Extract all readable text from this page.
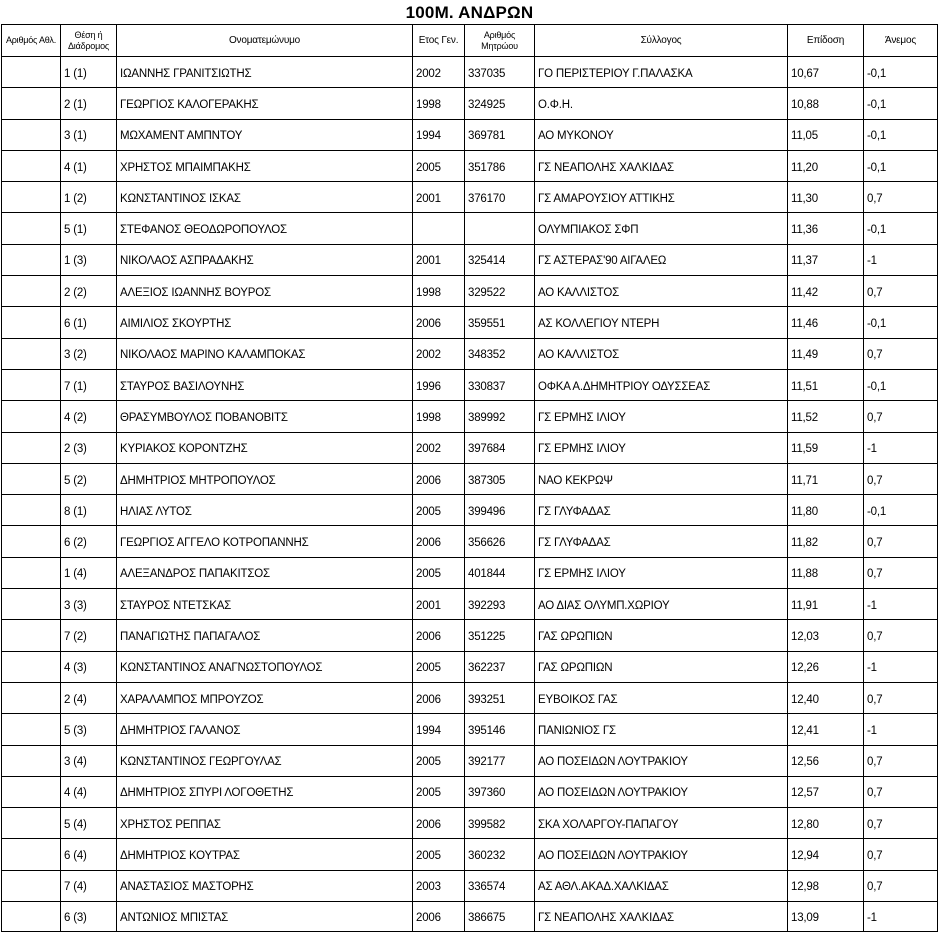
100Μ. ΑΝΔΡΩΝ
Αριθμός Αθλ.	Θέση ή Διάδρομος	Ονοματεμώνυμο	Ετος Γεν.	Αριθμός Μητρώου	Σύλλογος	Επίδοση	Άνεμος
	1 (1)	ΙΩΑΝΝΗΣ ΓΡΑΝΙΤΣΙΩΤΗΣ	2002	337035	ΓΟ ΠΕΡΙΣΤΕΡΙΟΥ Γ.ΠΑΛΑΣΚΑ	10,67	-0,1
	2 (1)	ΓΕΩΡΓΙΟΣ ΚΑΛΟΓΕΡΑΚΗΣ	1998	324925	Ο.Φ.Η.	10,88	-0,1
	3 (1)	ΜΩΧΑΜΕΝΤ ΑΜΠΝΤΟΥ	1994	369781	ΑΟ ΜΥΚΟΝΟΥ	11,05	-0,1
	4 (1)	ΧΡΗΣΤΟΣ ΜΠΑΙΜΠΑΚΗΣ	2005	351786	ΓΣ ΝΕΑΠΟΛΗΣ ΧΑΛΚΙΔΑΣ	11,20	-0,1
	1 (2)	ΚΩΝΣΤΑΝΤΙΝΟΣ ΙΣΚΑΣ	2001	376170	ΓΣ ΑΜΑΡΟΥΣΙΟΥ ΑΤΤΙΚΗΣ	11,30	0,7
	5 (1)	ΣΤΕΦΑΝΟΣ ΘΕΟΔΩΡΟΠΟΥΛΟΣ			ΟΛΥΜΠΙΑΚΟΣ ΣΦΠ	11,36	-0,1
	1 (3)	ΝΙΚΟΛΑΟΣ ΑΣΠΡΑΔΑΚΗΣ	2001	325414	ΓΣ ΑΣΤΕΡΑΣ'90 ΑΙΓΑΛΕΩ	11,37	-1
	2 (2)	ΑΛΕΞΙΟΣ ΙΩΑΝΝΗΣ ΒΟΥΡΟΣ	1998	329522	ΑΟ ΚΑΛΛΙΣΤΟΣ	11,42	0,7
	6 (1)	ΑΙΜΙΛΙΟΣ ΣΚΟΥΡΤΗΣ	2006	359551	ΑΣ ΚΟΛΛΕΓΙΟΥ ΝΤΕΡΗ	11,46	-0,1
	3 (2)	ΝΙΚΟΛΑΟΣ ΜΑΡΙΝΟ ΚΑΛΑΜΠΟΚΑΣ	2002	348352	ΑΟ ΚΑΛΛΙΣΤΟΣ	11,49	0,7
	7 (1)	ΣΤΑΥΡΟΣ ΒΑΣΙΛΟΥΝΗΣ	1996	330837	ΟΦΚΑ Α.ΔΗΜΗΤΡΙΟΥ ΟΔΥΣΣΕΑΣ	11,51	-0,1
	4 (2)	ΘΡΑΣΥΜΒΟΥΛΟΣ ΠΟΒΑΝΟΒΙΤΣ	1998	389992	ΓΣ ΕΡΜΗΣ ΙΛΙΟΥ	11,52	0,7
	2 (3)	ΚΥΡΙΑΚΟΣ ΚΟΡΟΝΤΖΗΣ	2002	397684	ΓΣ ΕΡΜΗΣ ΙΛΙΟΥ	11,59	-1
	5 (2)	ΔΗΜΗΤΡΙΟΣ ΜΗΤΡΟΠΟΥΛΟΣ	2006	387305	ΝΑΟ ΚΕΚΡΩΨ	11,71	0,7
	8 (1)	ΗΛΙΑΣ ΛΥΤΟΣ	2005	399496	ΓΣ ΓΛΥΦΑΔΑΣ	11,80	-0,1
	6 (2)	ΓΕΩΡΓΙΟΣ ΑΓΓΕΛΟ ΚΟΤΡΟΠΑΝΝΗΣ	2006	356626	ΓΣ ΓΛΥΦΑΔΑΣ	11,82	0,7
	1 (4)	ΑΛΕΞΑΝΔΡΟΣ ΠΑΠΑΚΙΤΣΟΣ	2005	401844	ΓΣ ΕΡΜΗΣ ΙΛΙΟΥ	11,88	0,7
	3 (3)	ΣΤΑΥΡΟΣ ΝΤΕΤΣΚΑΣ	2001	392293	ΑΟ ΔΙΑΣ ΟΛΥΜΠ.ΧΩΡΙΟΥ	11,91	-1
	7 (2)	ΠΑΝΑΓΙΩΤΗΣ ΠΑΠΑΓΑΛΟΣ	2006	351225	ΓΑΣ ΩΡΩΠΙΩΝ	12,03	0,7
	4 (3)	ΚΩΝΣΤΑΝΤΙΝΟΣ ΑΝΑΓΝΩΣΤΟΠΟΥΛΟΣ	2005	362237	ΓΑΣ ΩΡΩΠΙΩΝ	12,26	-1
	2 (4)	ΧΑΡΑΛΑΜΠΟΣ ΜΠΡΟΥΖΟΣ	2006	393251	ΕΥΒΟΙΚΟΣ ΓΑΣ	12,40	0,7
	5 (3)	ΔΗΜΗΤΡΙΟΣ ΓΑΛΑΝΟΣ	1994	395146	ΠΑΝΙΩΝΙΟΣ ΓΣ	12,41	-1
	3 (4)	ΚΩΝΣΤΑΝΤΙΝΟΣ ΓΕΩΡΓΟΥΛΑΣ	2005	392177	ΑΟ ΠΟΣΕΙΔΩΝ ΛΟΥΤΡΑΚΙΟΥ	12,56	0,7
	4 (4)	ΔΗΜΗΤΡΙΟΣ ΣΠΥΡΙ ΛΟΓΟΘΕΤΗΣ	2005	397360	ΑΟ ΠΟΣΕΙΔΩΝ ΛΟΥΤΡΑΚΙΟΥ	12,57	0,7
	5 (4)	ΧΡΗΣΤΟΣ ΡΕΠΠΑΣ	2006	399582	ΣΚΑ ΧΟΛΑΡΓΟΥ-ΠΑΠΑΓΟΥ	12,80	0,7
	6 (4)	ΔΗΜΗΤΡΙΟΣ ΚΟΥΤΡΑΣ	2005	360232	ΑΟ ΠΟΣΕΙΔΩΝ ΛΟΥΤΡΑΚΙΟΥ	12,94	0,7
	7 (4)	ΑΝΑΣΤΑΣΙΟΣ ΜΑΣΤΟΡΗΣ	2003	336574	ΑΣ ΑΘΛ.ΑΚΑΔ.ΧΑΛΚΙΔΑΣ	12,98	0,7
	6 (3)	ΑΝΤΩΝΙΟΣ ΜΠΙΣΤΑΣ	2006	386675	ΓΣ ΝΕΑΠΟΛΗΣ ΧΑΛΚΙΔΑΣ	13,09	-1
